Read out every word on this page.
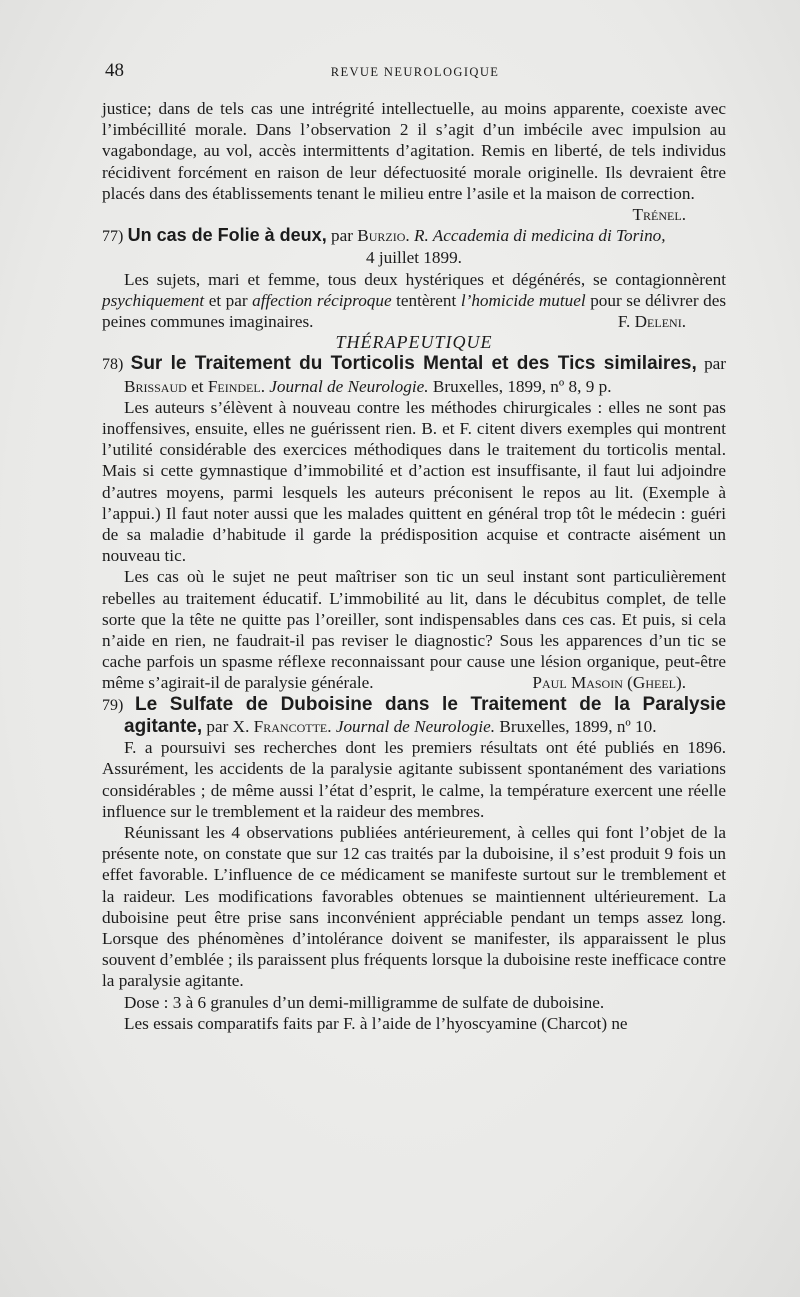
48	REVUE NEUROLOGIQUE

justice; dans de tels cas une intrégrité intellectuelle, au moins apparente, coexiste avec l’imbécillité morale. Dans l’observation 2 il s’agit d’un imbécile avec impulsion au vagabondage, au vol, accès intermittents d’agitation. Remis en liberté, de tels individus récidivent forcément en raison de leur défectuosité morale originelle. Ils devraient être placés dans des établissements tenant le milieu entre l’asile et la maison de correction.
Trénel.

77) Un cas de Folie à deux, par Burzio. R. Accademia di medicina di Torino,

4 juillet 1899.

Les sujets, mari et femme, tous deux hystériques et dégénérés, se contagionnèrent psychiquement et par affection réciproque tentèrent l’homicide mutuel pour se délivrer des peines communes imaginaires.	F. Deleni.

THÉRAPEUTIQUE

78) Sur le Traitement du Torticolis Mental et des Tics similaires, par Brissaud et Feindel. Journal de Neurologie. Bruxelles, 1899, nº 8, 9 p.

Les auteurs s’élèvent à nouveau contre les méthodes chirurgicales : elles ne sont pas inoffensives, ensuite, elles ne guérissent rien. B. et F. citent divers exemples qui montrent l’utilité considérable des exercices méthodiques dans le traitement du torticolis mental. Mais si cette gymnastique d’immobilité et d’action est insuffisante, il faut lui adjoindre d’autres moyens, parmi lesquels les auteurs préconisent le repos au lit. (Exemple à l’appui.) Il faut noter aussi que les malades quittent en général trop tôt le médecin : guéri de sa maladie d’habitude il garde la prédisposition acquise et contracte aisément un nouveau tic.

Les cas où le sujet ne peut maîtriser son tic un seul instant sont particulièrement rebelles au traitement éducatif. L’immobilité au lit, dans le décubitus complet, de telle sorte que la tête ne quitte pas l’oreiller, sont indispensables dans ces cas. Et puis, si cela n’aide en rien, ne faudrait-il pas reviser le diagnostic? Sous les apparences d’un tic se cache parfois un spasme réflexe reconnaissant pour cause une lésion organique, peut-être même s’agirait-il de paralysie générale.	Paul Masoin (Gheel).

79) Le Sulfate de Duboisine dans le Traitement de la Paralysie agitante, par X. Francotte. Journal de Neurologie. Bruxelles, 1899, nº 10.

F. a poursuivi ses recherches dont les premiers résultats ont été publiés en 1896. Assurément, les accidents de la paralysie agitante subissent spontanément des variations considérables ; de même aussi l’état d’esprit, le calme, la température exercent une réelle influence sur le tremblement et la raideur des membres.

Réunissant les 4 observations publiées antérieurement, à celles qui font l’objet de la présente note, on constate que sur 12 cas traités par la duboisine, il s’est produit 9 fois un effet favorable. L’influence de ce médicament se manifeste surtout sur le tremblement et la raideur. Les modifications favorables obtenues se maintiennent ultérieurement. La duboisine peut être prise sans inconvénient appréciable pendant un temps assez long. Lorsque des phénomènes d’intolérance doivent se manifester, ils apparaissent le plus souvent d’emblée ; ils paraissent plus fréquents lorsque la duboisine reste inefficace contre la paralysie agitante.

Dose : 3 à 6 granules d’un demi-milligramme de sulfate de duboisine.

Les essais comparatifs faits par F. à l’aide de l’hyoscyamine (Charcot) ne
